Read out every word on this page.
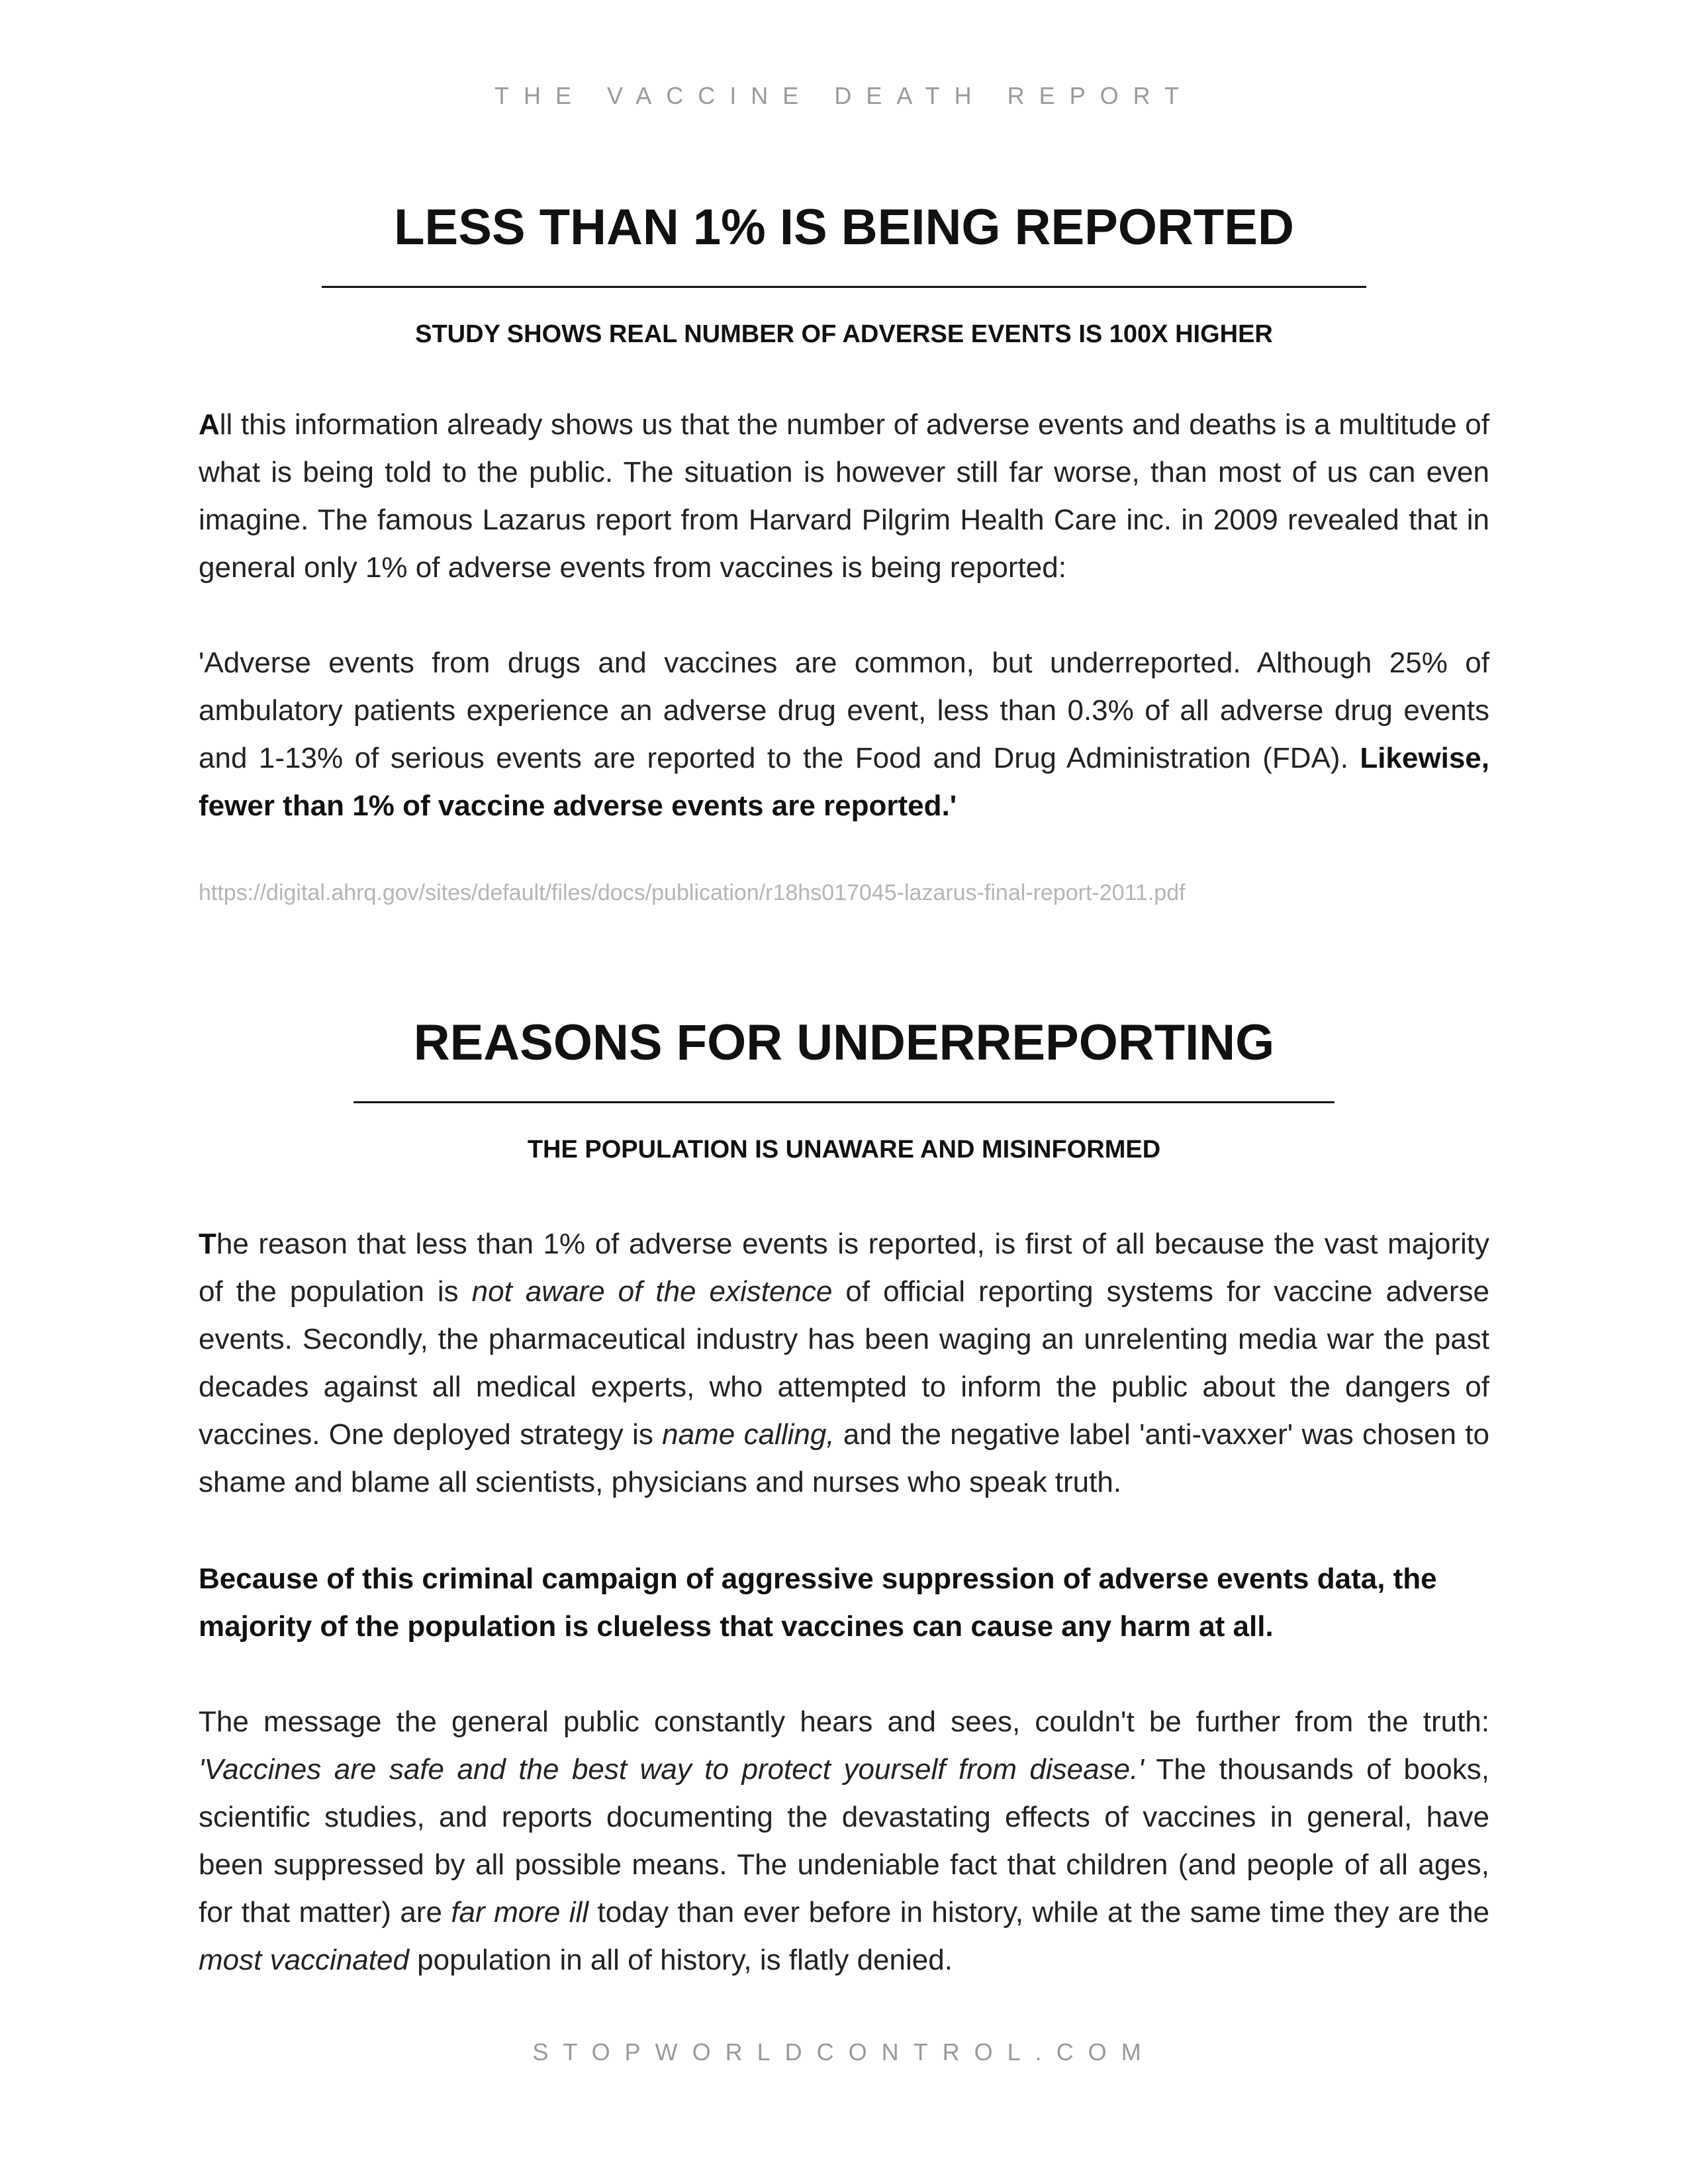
THE VACCINE DEATH REPORT
LESS THAN 1% IS BEING REPORTED
STUDY SHOWS REAL NUMBER OF ADVERSE EVENTS IS 100X HIGHER

All this information already shows us that the number of adverse events and deaths is a multitude of what is being told to the public. The situation is however still far worse, than most of us can even imagine. The famous Lazarus report from Harvard Pilgrim Health Care inc. in 2009 revealed that in general only 1% of adverse events from vaccines is being reported:

'Adverse events from drugs and vaccines are common, but underreported. Although 25% of ambulatory patients experience an adverse drug event, less than 0.3% of all adverse drug events and 1-13% of serious events are reported to the Food and Drug Administration (FDA). Likewise, fewer than 1% of vaccine adverse events are reported.'

https://digital.ahrq.gov/sites/default/files/docs/publication/r18hs017045-lazarus-final-report-2011.pdf
REASONS FOR UNDERREPORTING
THE POPULATION IS UNAWARE AND MISINFORMED

The reason that less than 1% of adverse events is reported, is first of all because the vast majority of the population is not aware of the existence of official reporting systems for vaccine adverse events. Secondly, the pharmaceutical industry has been waging an unrelenting media war the past decades against all medical experts, who attempted to inform the public about the dangers of vaccines. One deployed strategy is name calling, and the negative label 'anti-vaxxer' was chosen to shame and blame all scientists, physicians and nurses who speak truth.

Because of this criminal campaign of aggressive suppression of adverse events data, the majority of the population is clueless that vaccines can cause any harm at all.

The message the general public constantly hears and sees, couldn't be further from the truth: 'Vaccines are safe and the best way to protect yourself from disease.' The thousands of books, scientific studies, and reports documenting the devastating effects of vaccines in general, have been suppressed by all possible means. The undeniable fact that children (and people of all ages, for that matter) are far more ill today than ever before in history, while at the same time they are the most vaccinated population in all of history, is flatly denied.

STOPWORLDCONTROL.COM
